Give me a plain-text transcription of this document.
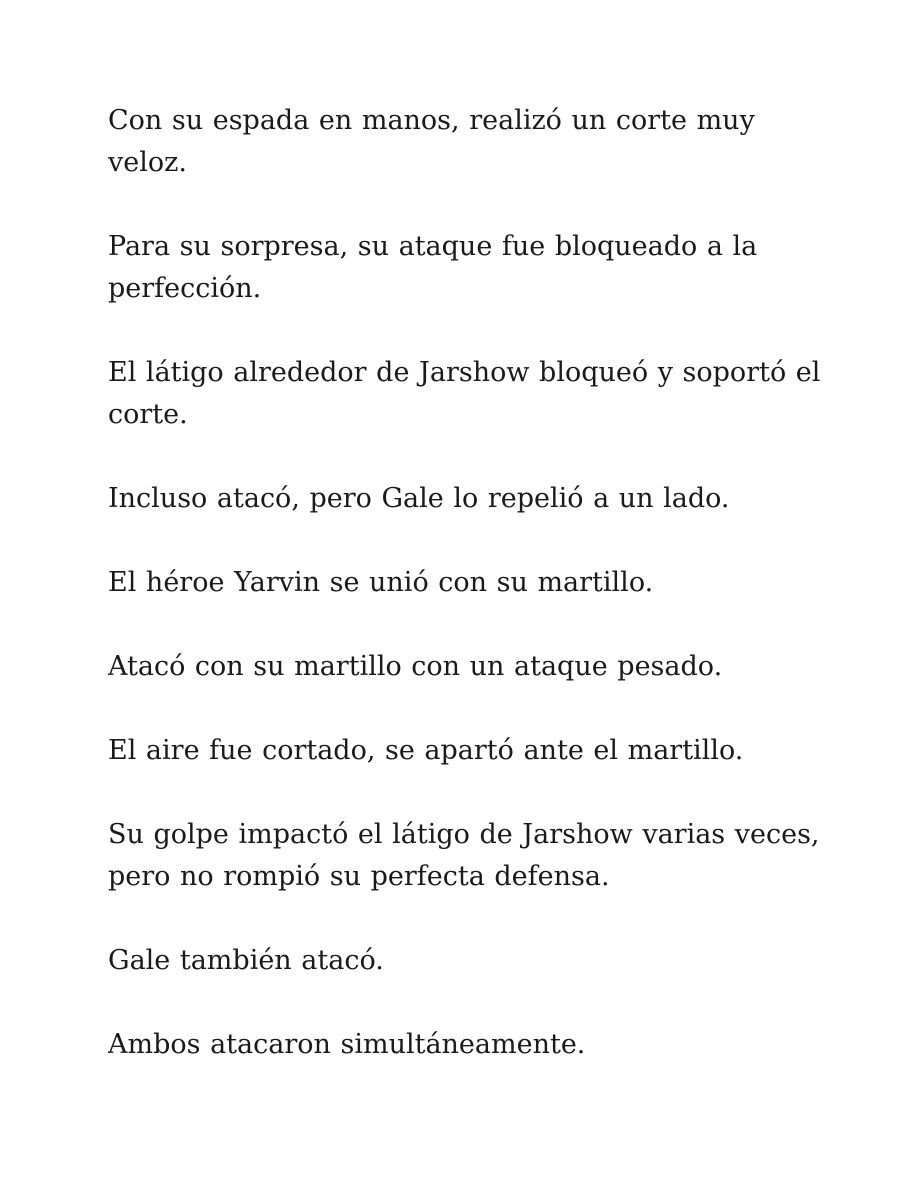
Con su espada en manos, realizó un corte muy veloz.

Para su sorpresa, su ataque fue bloqueado a la perfección.

El látigo alrededor de Jarshow bloqueó y soportó el corte.

Incluso atacó, pero Gale lo repelió a un lado.

El héroe Yarvin se unió con su martillo.

Atacó con su martillo con un ataque pesado.

El aire fue cortado, se apartó ante el martillo.

Su golpe impactó el látigo de Jarshow varias veces, pero no rompió su perfecta defensa.

Gale también atacó.

Ambos atacaron simultáneamente.
